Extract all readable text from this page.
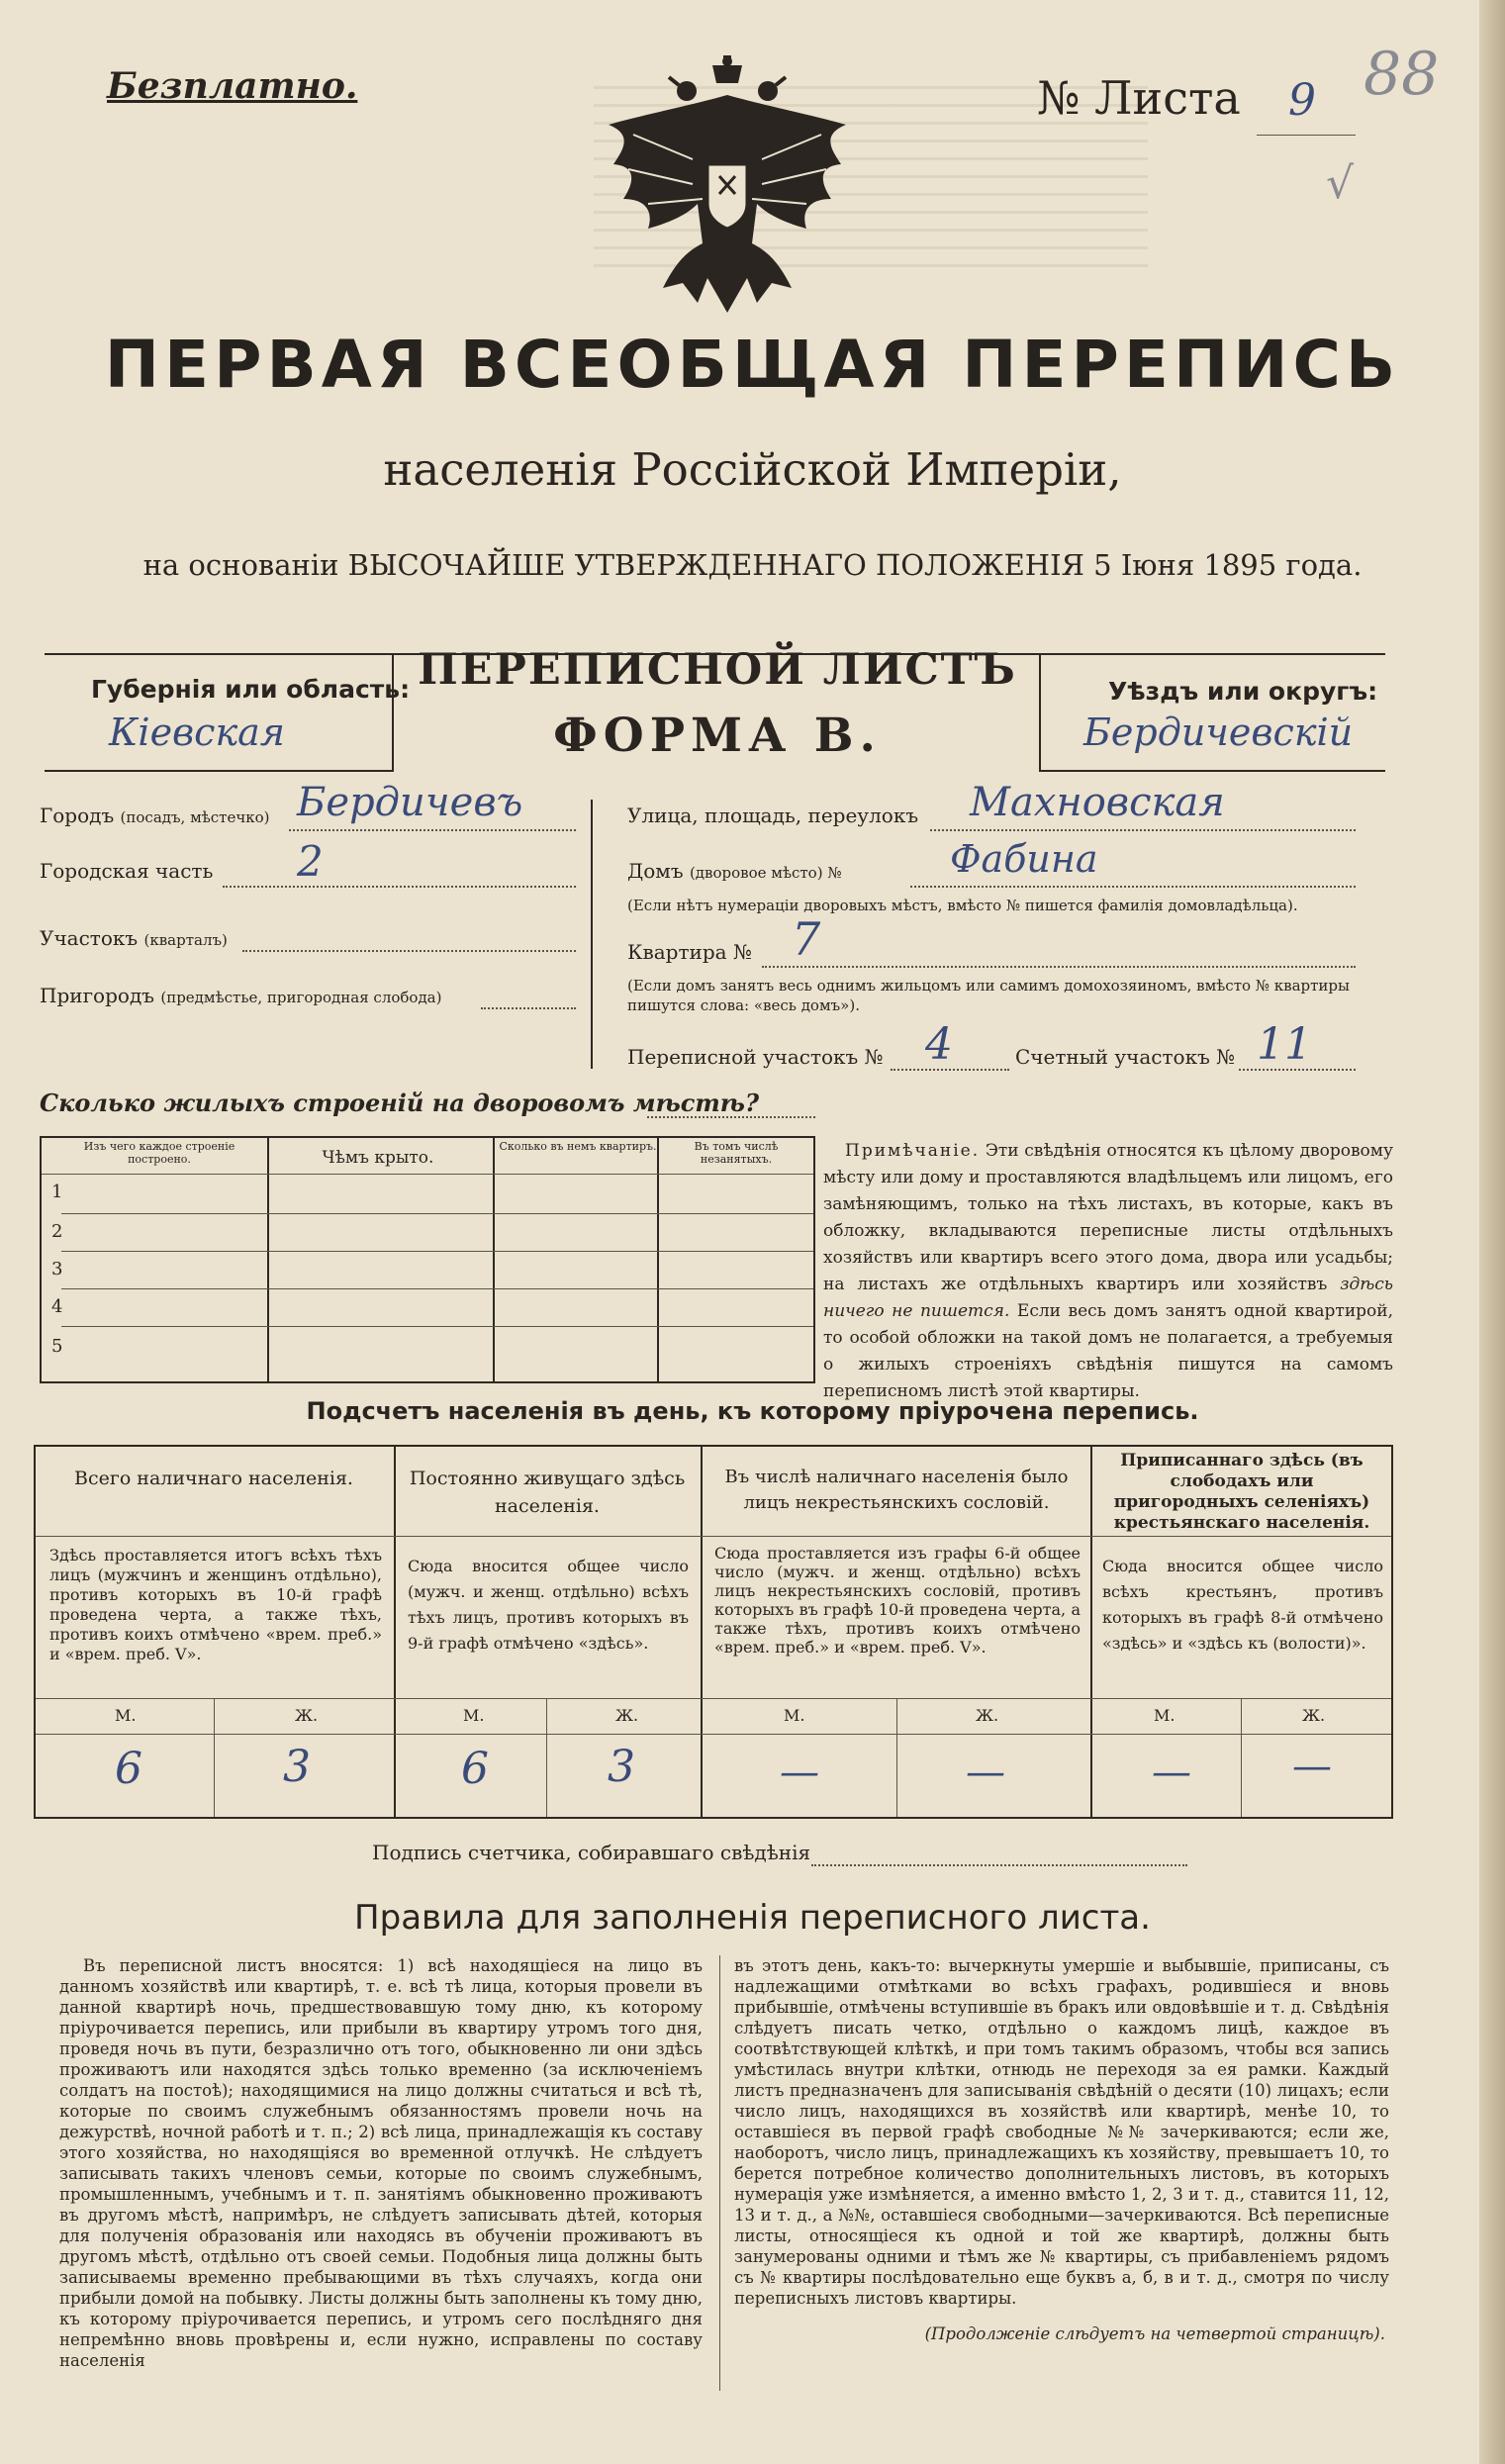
Безплатно.	№ Листа 9 88
√
ПЕРВАЯ ВСЕОБЩАЯ ПЕРЕПИСЬ
населенія Россійской Имперіи,
на основаніи ВЫСОЧАЙШЕ УТВЕРЖДЕННАГО ПОЛОЖЕНІЯ 5 Іюня 1895 года.
Губернія или область:
Кіевская
ПЕРЕПИСНОЙ ЛИСТЪ
ФОРМА В.
Уѣздъ или округъ:
Бердичевскій
Городъ (посадъ, мѣстечко) Бердичевъ
Городская часть 2
Участокъ (кварталъ)
Пригородъ (предмѣстье, пригородная слобода)
Улица, площадь, переулокъ Махновская
Домъ (дворовое мѣсто) №	Фабина
(Если нѣтъ нумераціи дворовыхъ мѣстъ, вмѣсто № пишется фамилія домовладѣльца).
Квартира № 7
(Если домъ занятъ весь однимъ жильцомъ или самимъ домохозяиномъ, вмѣсто № квартиры пишутся слова: «весь домъ»).
Переписной участокъ № 4	Счетный участокъ № 11
Сколько жилыхъ строеній на дворовомъ мѣстѣ?
Изъ чего каждое строеніе построено.	Чѣмъ крыто.
Сколько въ немъ квартиръ.	Въ томъ числѣ незанятыхъ.
1
2
3
4
5
Примѣчаніе. Эти свѣдѣнія относятся къ цѣлому дворовому мѣсту или дому и проставляются владѣльцемъ или лицомъ, его замѣняющимъ, только на тѣхъ листахъ, въ которые, какъ въ обложку, вкладываются переписные листы отдѣльныхъ хозяйствъ или квартиръ всего этого дома, двора или усадьбы; на листахъ же отдѣльныхъ квартиръ или хозяйствъ здѣсь ничего не пишется. Если весь домъ занятъ одной квартирой, то особой обложки на такой домъ не полагается, а требуемыя о жилыхъ строеніяхъ свѣдѣнія пишутся на самомъ переписномъ листѣ этой квартиры.
Подсчетъ населенія въ день, къ которому пріурочена перепись.
Всего наличнаго населенія.
Здѣсь проставляется итогъ всѣхъ тѣхъ лицъ (мужчинъ и женщинъ отдѣльно), противъ которыхъ въ 10-й графѣ проведена черта, а также тѣхъ, противъ коихъ отмѣчено «врем. преб.» и «врем. преб. V».
М.	Ж.
6	3
Постоянно живущаго здѣсь населенія.
Сюда вносится общее число (мужч. и женщ. отдѣльно) всѣхъ тѣхъ лицъ, противъ которыхъ въ 9-й графѣ отмѣчено «здѣсь».
М.	Ж.
6	3
Въ числѣ наличнаго населенія было лицъ некрестьянскихъ сословій.
Сюда проставляется изъ графы 6-й общее число (мужч. и женщ. отдѣльно) всѣхъ лицъ некрестьянскихъ сословій, противъ которыхъ въ графѣ 10-й проведена черта, а также тѣхъ, противъ коихъ отмѣчено «врем. преб.» и «врем. преб. V».
М.	Ж.
—	—
Приписаннаго здѣсь (въ слободахъ или пригородныхъ селеніяхъ) крестьянскаго населенія.
Сюда вносится общее число всѣхъ крестьянъ, противъ которыхъ въ графѣ 8-й отмѣчено «здѣсь» и «здѣсь къ (волости)».
М.	Ж.
—	—
Подпись счетчика, собиравшаго свѣдѣнія
Правила для заполненія переписного листа.
Въ переписной листъ вносятся: 1) всѣ находящіеся на лицо въ данномъ хозяйствѣ или квартирѣ, т. е. всѣ тѣ лица, которыя провели въ данной квартирѣ ночь, предшествовавшую тому дню, къ которому пріурочивается перепись, или прибыли въ квартиру утромъ того дня, проведя ночь въ пути, безразлично отъ того, обыкновенно ли они здѣсь проживаютъ или находятся здѣсь только временно (за исключеніемъ солдатъ на постоѣ); находящимися на лицо должны считаться и всѣ тѣ, которые по своимъ служебнымъ обязанностямъ провели ночь на дежурствѣ, ночной работѣ и т. п.; 2) всѣ лица, принадлежащія къ составу этого хозяйства, но находящіяся во временной отлучкѣ. Не слѣдуетъ записывать такихъ членовъ семьи, которые по своимъ служебнымъ, промышленнымъ, учебнымъ и т. п. занятіямъ обыкновенно проживаютъ въ другомъ мѣстѣ, напримѣръ, не слѣдуетъ записывать дѣтей, которыя для полученія образованія или находясь въ обученіи проживаютъ въ другомъ мѣстѣ, отдѣльно отъ своей семьи. Подобныя лица должны быть записываемы временно пребывающими въ тѣхъ случаяхъ, когда они прибыли домой на побывку. Листы должны быть заполнены къ тому дню, къ которому пріурочивается перепись, и утромъ сего послѣдняго дня непремѣнно вновь провѣрены и, если нужно, исправлены по составу населенія
въ этотъ день, какъ-то: вычеркнуты умершіе и выбывшіе, приписаны, съ надлежащими отмѣтками во всѣхъ графахъ, родившіеся и вновь прибывшіе, отмѣчены вступившіе въ бракъ или овдовѣвшіе и т. д. Свѣдѣнія слѣдуетъ писать четко, отдѣльно о каждомъ лицѣ, каждое въ соотвѣтствующей клѣткѣ, и при томъ такимъ образомъ, чтобы вся запись умѣстилась внутри клѣтки, отнюдь не переходя за ея рамки. Каждый листъ предназначенъ для записыванія свѣдѣній о десяти (10) лицахъ; если число лицъ, находящихся въ хозяйствѣ или квартирѣ, менѣе 10, то оставшіеся въ первой графѣ свободные №№ зачеркиваются; если же, наоборотъ, число лицъ, принадлежащихъ къ хозяйству, превышаетъ 10, то берется потребное количество дополнительныхъ листовъ, въ которыхъ нумерація уже измѣняется, а именно вмѣсто 1, 2, 3 и т. д., ставится 11, 12, 13 и т. д., а №№, оставшіеся свободными—зачеркиваются. Всѣ переписные листы, относящіеся къ одной и той же квартирѣ, должны быть занумерованы одними и тѣмъ же № квартиры, съ прибавленіемъ рядомъ съ № квартиры послѣдовательно еще буквъ а, б, в и т. д., смотря по числу переписныхъ листовъ квартиры.
(Продолженіе слѣдуетъ на четвертой страницѣ).
